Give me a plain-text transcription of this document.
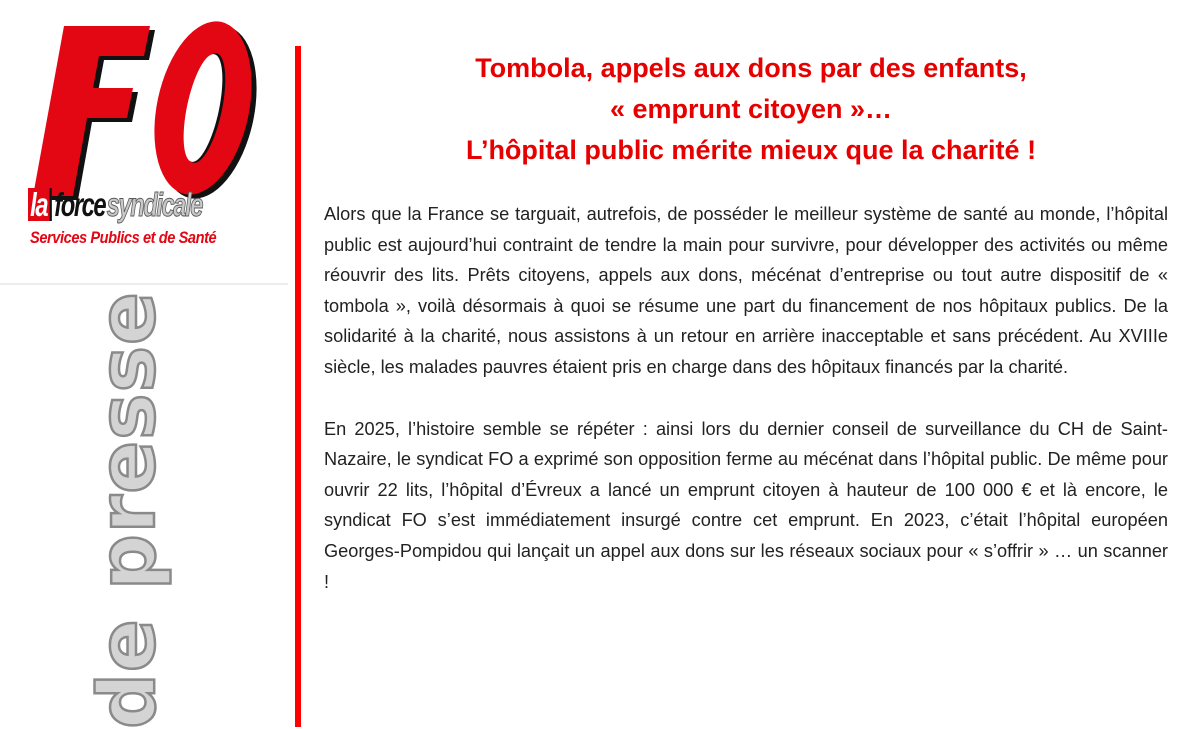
la force syndicale
Services Publics et de Santé
de presse
Tombola, appels aux dons par des enfants,
« emprunt citoyen »…
L’hôpital public mérite mieux que la charité !

Alors que la France se targuait, autrefois, de posséder le meilleur système de santé au monde, l’hôpital public est aujourd’hui contraint de tendre la main pour survivre, pour développer des activités ou même réouvrir des lits. Prêts citoyens, appels aux dons, mécénat d’entreprise ou tout autre dispositif de « tombola », voilà désormais à quoi se résume une part du financement de nos hôpitaux publics. De la solidarité à la charité, nous assistons à un retour en arrière inacceptable et sans précédent. Au XVIIIe siècle, les malades pauvres étaient pris en charge dans des hôpitaux financés par la charité.

En 2025, l’histoire semble se répéter : ainsi lors du dernier conseil de surveillance du CH de Saint-Nazaire, le syndicat FO a exprimé son opposition ferme au mécénat dans l’hôpital public. De même pour ouvrir 22 lits, l’hôpital d’Évreux a lancé un emprunt citoyen à hauteur de 100 000 € et là encore, le syndicat FO s’est immédiatement insurgé contre cet emprunt. En 2023, c’était l’hôpital européen Georges-Pompidou qui lançait un appel aux dons sur les réseaux sociaux pour « s’offrir » … un scanner !
